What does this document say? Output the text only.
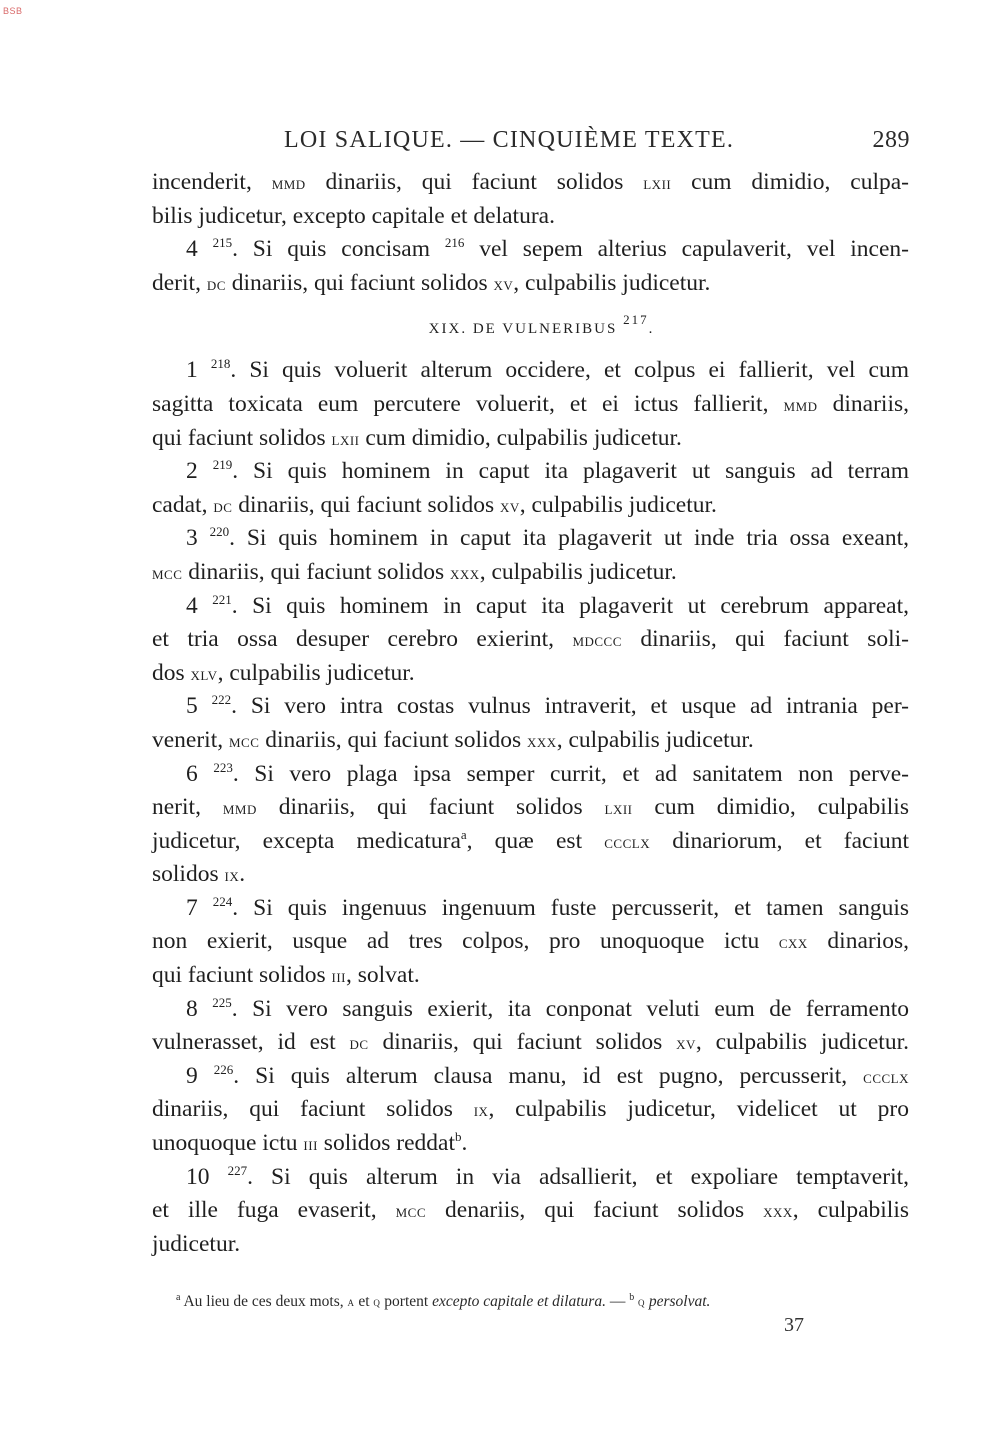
BSB
LOI SALIQUE. — CINQUIÈME TEXTE.	289
incenderit, mmd dinariis, qui faciunt solidos lxii cum dimidio, culpa-
bilis judicetur, excepto capitale et delatura.
4 $^{215}$. Si quis concisam $^{216}$ vel sepem alterius capulaverit, vel incen-
derit, dc dinariis, qui faciunt solidos xv, culpabilis judicetur.
XIX. DE VULNERIBUS $^{217}$.
1 $^{218}$. Si quis voluerit alterum occidere, et colpus ei fallierit, vel cum
sagitta toxicata eum percutere voluerit, et ei ictus fallierit, mmd dinariis,
qui faciunt solidos lxii cum dimidio, culpabilis judicetur.
2 $^{219}$. Si quis hominem in caput ita plagaverit ut sanguis ad terram
cadat, dc dinariis, qui faciunt solidos xv, culpabilis judicetur.
3 $^{220}$. Si quis hominem in caput ita plagaverit ut inde tria ossa exeant,
mcc dinariis, qui faciunt solidos xxx, culpabilis judicetur.
4 $^{221}$. Si quis hominem in caput ita plagaverit ut cerebrum appareat,
et tria ossa desuper cerebro exierint, mdccc dinariis, qui faciunt soli-
dos xlv, culpabilis judicetur.
5 $^{222}$. Si vero intra costas vulnus intraverit, et usque ad intrania per-
venerit, mcc dinariis, qui faciunt solidos xxx, culpabilis judicetur.
6 $^{223}$. Si vero plaga ipsa semper currit, et ad sanitatem non perve-
nerit, mmd dinariis, qui faciunt solidos lxii cum dimidio, culpabilis
judicetur, excepta medicatura$^a$, quæ est ccclx dinariorum, et faciunt
solidos ix.
7 $^{224}$. Si quis ingenuus ingenuum fuste percusserit, et tamen sanguis
non exierit, usque ad tres colpos, pro unoquoque ictu cxx dinarios,
qui faciunt solidos iii, solvat.
8 $^{225}$. Si vero sanguis exierit, ita conponat veluti eum de ferramento
vulnerasset, id est dc dinariis, qui faciunt solidos xv, culpabilis judicetur.
9 $^{226}$. Si quis alterum clausa manu, id est pugno, percusserit, ccclx
dinariis, qui faciunt solidos ix, culpabilis judicetur, videlicet ut pro
unoquoque ictu iii solidos reddat$^b$.
10 $^{227}$. Si quis alterum in via adsallierit, et expoliare temptaverit,
et ille fuga evaserit, mcc denariis, qui faciunt solidos xxx, culpabilis
judicetur.
$^a$ Au lieu de ces deux mots, a et q portent excepto capitale et dilatura. — $^b$ q persolvat.
37
